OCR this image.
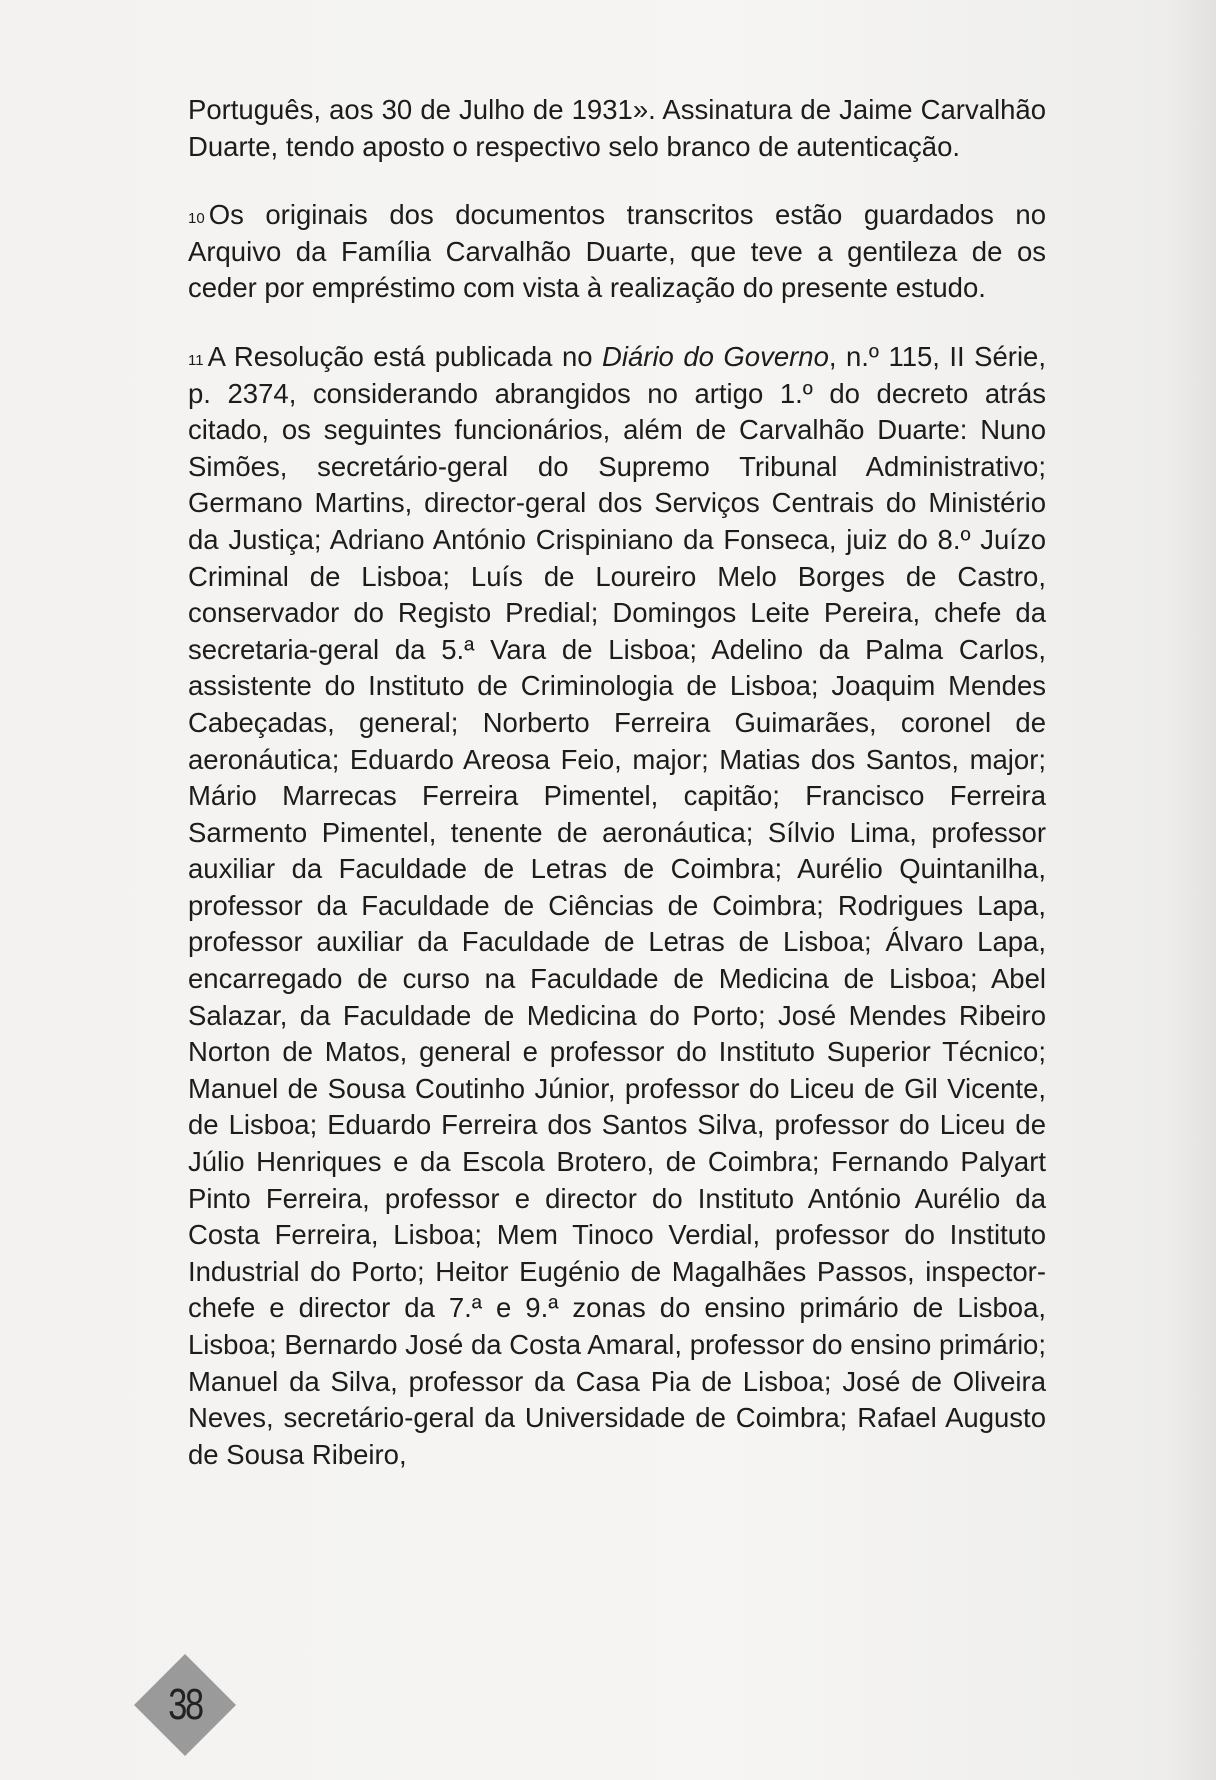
Português, aos 30 de Julho de 1931». Assinatura de Jaime Carvalhão Duarte, tendo aposto o respectivo selo branco de autenticação.

$^{10}$ Os originais dos documentos transcritos estão guardados no Arquivo da Família Carvalhão Duarte, que teve a gentileza de os ceder por empréstimo com vista à realização do presente estudo.

$^{11}$ A Resolução está publicada no Diário do Governo, n.º 115, II Série, p. 2374, considerando abrangidos no artigo 1.º do decreto atrás citado, os seguintes funcionários, além de Carvalhão Duarte: Nuno Simões, secretário-geral do Supremo Tribunal Administrativo; Germano Martins, director-geral dos Serviços Centrais do Ministério da Justiça; Adriano António Crispiniano da Fonseca, juiz do 8.º Juízo Criminal de Lisboa; Luís de Loureiro Melo Borges de Castro, conservador do Registo Predial; Domingos Leite Pereira, chefe da secretaria-geral da 5.ª Vara de Lisboa; Adelino da Palma Carlos, assistente do Instituto de Criminologia de Lisboa; Joaquim Mendes Cabeçadas, general; Norberto Ferreira Guimarães, coronel de aeronáutica; Eduardo Areosa Feio, major; Matias dos Santos, major; Mário Marrecas Ferreira Pimentel, capitão; Francisco Ferreira Sarmento Pimentel, tenente de aeronáutica; Sílvio Lima, professor auxiliar da Faculdade de Letras de Coimbra; Aurélio Quintanilha, professor da Faculdade de Ciências de Coimbra; Rodrigues Lapa, professor auxiliar da Faculdade de Letras de Lisboa; Álvaro Lapa, encarregado de curso na Faculdade de Medicina de Lisboa; Abel Salazar, da Faculdade de Medicina do Porto; José Mendes Ribeiro Norton de Matos, general e professor do Instituto Superior Técnico; Manuel de Sousa Coutinho Júnior, professor do Liceu de Gil Vicente, de Lisboa; Eduardo Ferreira dos Santos Silva, professor do Liceu de Júlio Henriques e da Escola Brotero, de Coimbra; Fernando Palyart Pinto Ferreira, professor e director do Instituto António Aurélio da Costa Ferreira, Lisboa; Mem Tinoco Verdial, professor do Instituto Industrial do Porto; Heitor Eugénio de Magalhães Passos, inspector-chefe e director da 7.ª e 9.ª zonas do ensino primário de Lisboa, Lisboa; Bernardo José da Costa Amaral, professor do ensino primário; Manuel da Silva, professor da Casa Pia de Lisboa; José de Oliveira Neves, secretário-geral da Universidade de Coimbra; Rafael Augusto de Sousa Ribeiro,

38
